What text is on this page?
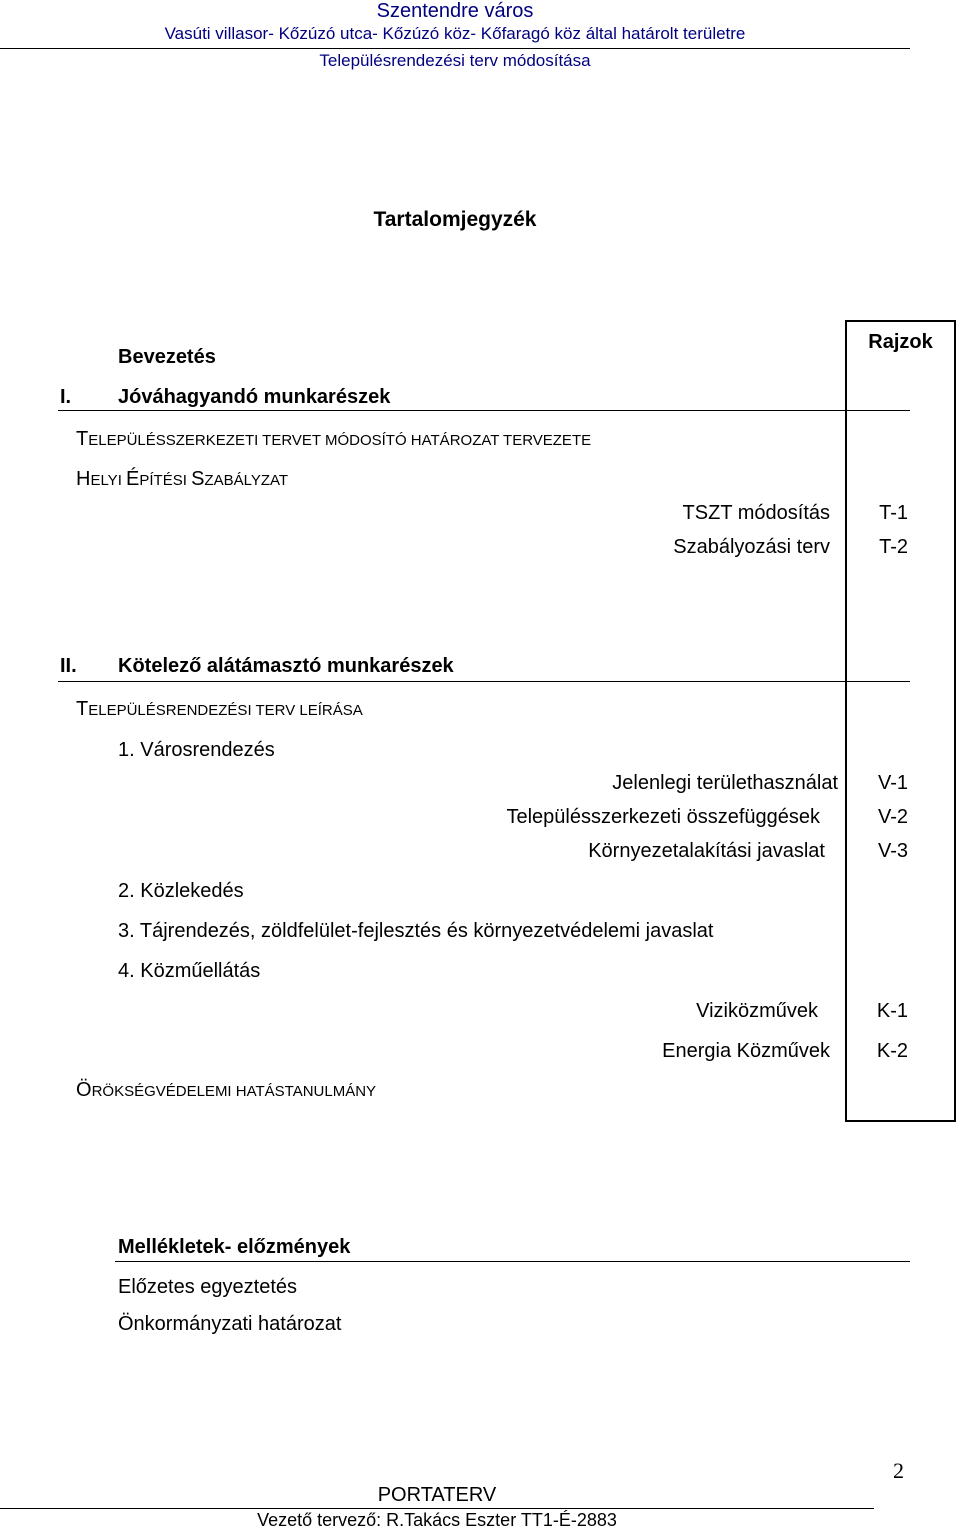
Szentendre város
Vasúti villasor- Kőzúzó utca- Kőzúzó köz- Kőfaragó köz által határolt területre
Településrendezési terv módosítása
Tartalomjegyzék
Rajzok
Bevezetés
I. Jóváhagyandó munkarészek
TELEPÜLÉSSZERKEZETI TERVET MÓDOSÍTÓ HATÁROZAT TERVEZETE
HELYI ÉPÍTÉSI SZABÁLYZAT
TSZT módosítás T-1
Szabályozási terv T-2
II. Kötelező alátámasztó munkarészek
TELEPÜLÉSRENDEZÉSI TERV LEÍRÁSA
1. Városrendezés
Jelenlegi területhasználat V-1
Településszerkezeti összefüggések	V-2
Környezetalakítási javaslat	V-3
2. Közlekedés
3. Tájrendezés, zöldfelület-fejlesztés és környezetvédelemi javaslat
4. Közműellátás
Viziközművek	K-1
Energia Közművek K-2
ÖRÖKSÉGVÉDELEMI HATÁSTANULMÁNY
Mellékletek- előzmények
Előzetes egyeztetés
Önkormányzati határozat
2
PORTATERV
Vezető tervező: R.Takács Eszter TT1-É-2883
